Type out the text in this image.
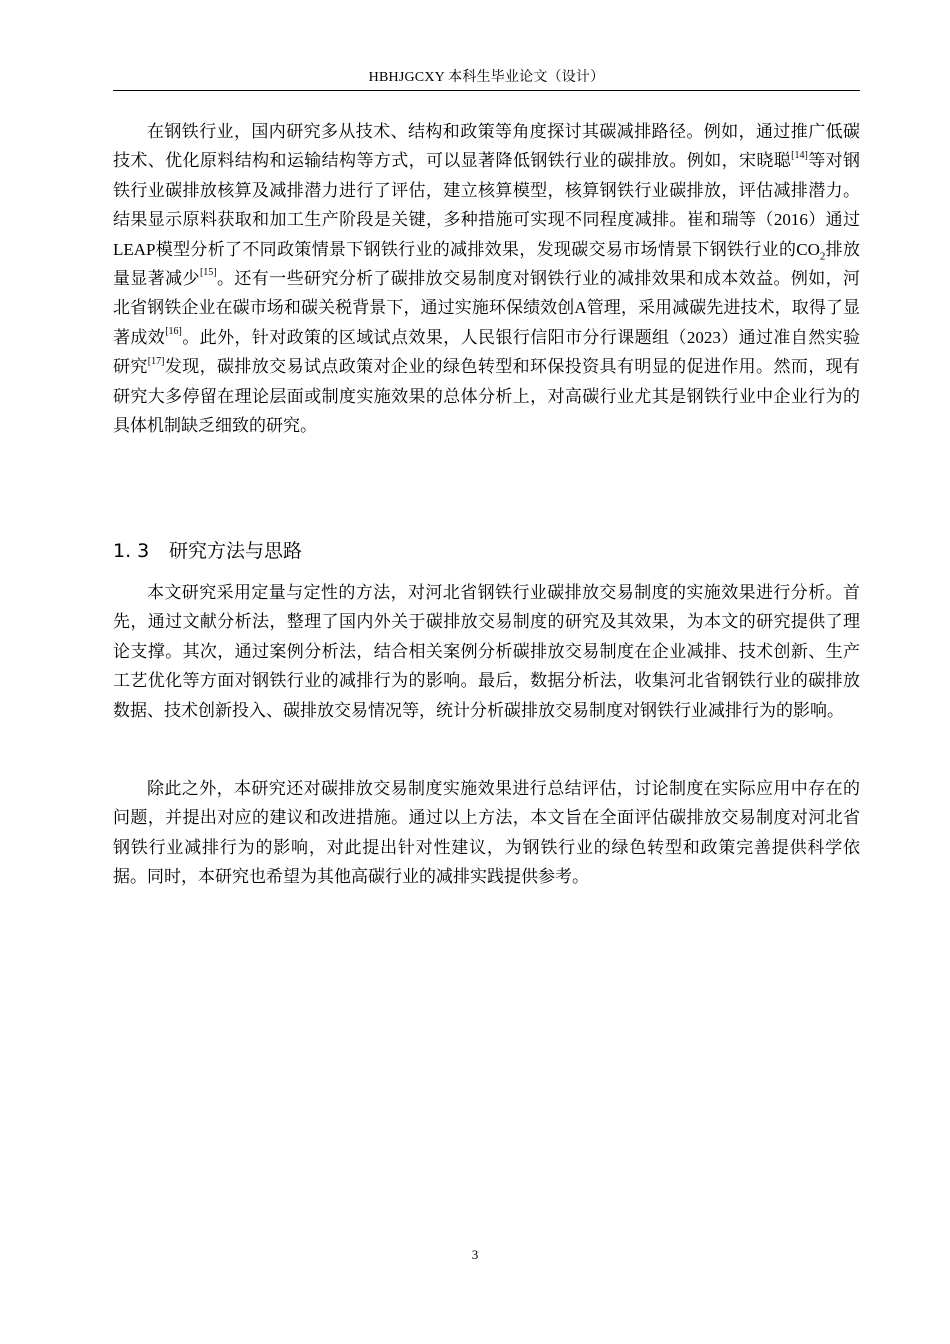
HBHJGCXY 本科生毕业论文（设计）

在钢铁行业，国内研究多从技术、结构和政策等角度探讨其碳减排路径。例如，通过推广低碳技术、优化原料结构和运输结构等方式，可以显著降低钢铁行业的碳排放。例如，宋晓聪[14]等对钢铁行业碳排放核算及减排潜力进行了评估，建立核算模型，核算钢铁行业碳排放，评估减排潜力。结果显示原料获取和加工生产阶段是关键，多种措施可实现不同程度减排。崔和瑞等（2016）通过LEAP模型分析了不同政策情景下钢铁行业的减排效果，发现碳交易市场情景下钢铁行业的$CO_2$排放量显著减少[15]。还有一些研究分析了碳排放交易制度对钢铁行业的减排效果和成本效益。例如，河北省钢铁企业在碳市场和碳关税背景下，通过实施环保绩效创A管理，采用减碳先进技术，取得了显著成效[16]。此外，针对政策的区域试点效果，人民银行信阳市分行课题组（2023）通过准自然实验研究[17]发现，碳排放交易试点政策对企业的绿色转型和环保投资具有明显的促进作用。然而，现有研究大多停留在理论层面或制度实施效果的总体分析上，对高碳行业尤其是钢铁行业中企业行为的具体机制缺乏细致的研究。

1. 3 研究方法与思路

本文研究采用定量与定性的方法，对河北省钢铁行业碳排放交易制度的实施效果进行分析。首先，通过文献分析法，整理了国内外关于碳排放交易制度的研究及其效果，为本文的研究提供了理论支撑。其次，通过案例分析法，结合相关案例分析碳排放交易制度在企业减排、技术创新、生产工艺优化等方面对钢铁行业的减排行为的影响。最后，数据分析法，收集河北省钢铁行业的碳排放数据、技术创新投入、碳排放交易情况等，统计分析碳排放交易制度对钢铁行业减排行为的影响。

除此之外，本研究还对碳排放交易制度实施效果进行总结评估，讨论制度在实际应用中存在的问题，并提出对应的建议和改进措施。通过以上方法，本文旨在全面评估碳排放交易制度对河北省钢铁行业减排行为的影响，对此提出针对性建议，为钢铁行业的绿色转型和政策完善提供科学依据。同时，本研究也希望为其他高碳行业的减排实践提供参考。

3
